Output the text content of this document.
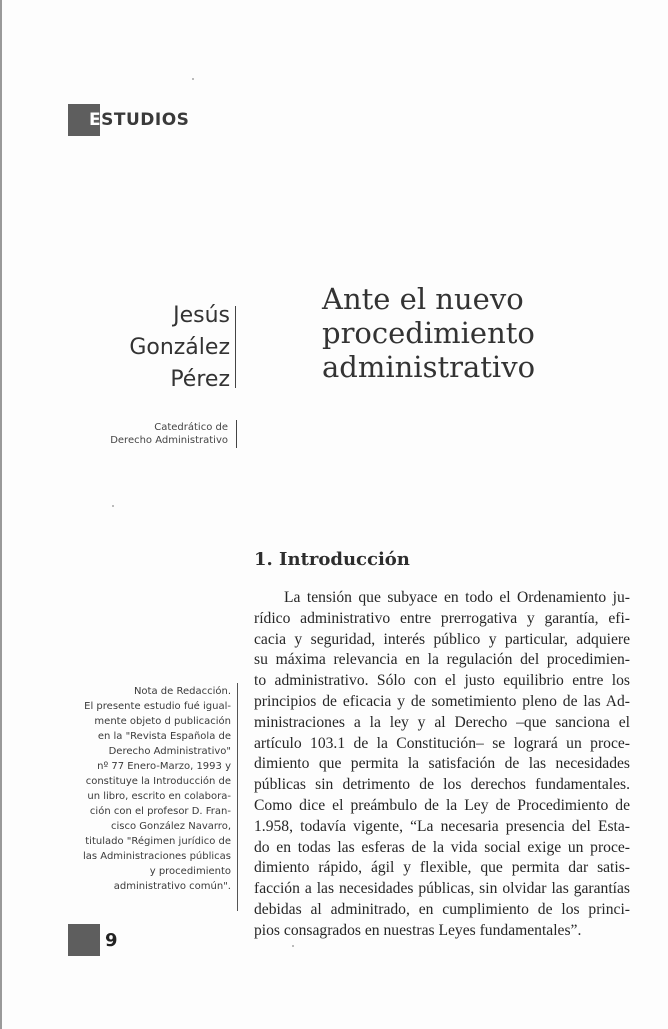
ESTUDIOS
Jesús
González
Pérez
Catedrático de
Derecho Administrativo
Ante el nuevo
procedimiento
administrativo
1. Introducción
La tensión que subyace en todo el Ordenamiento ju-
rídico administrativo entre prerrogativa y garantía, efi-
cacia y seguridad, interés público y particular, adquiere
su máxima relevancia en la regulación del procedimien-
to administrativo. Sólo con el justo equilibrio entre los
principios de eficacia y de sometimiento pleno de las Ad-
ministraciones a la ley y al Derecho –que sanciona el
artículo 103.1 de la Constitución– se logrará un proce-
dimiento que permita la satisfación de las necesidades
públicas sin detrimento de los derechos fundamentales.
Como dice el preámbulo de la Ley de Procedimiento de
1.958, todavía vigente, “La necesaria presencia del Esta-
do en todas las esferas de la vida social exige un proce-
dimiento rápido, ágil y flexible, que permita dar satis-
facción a las necesidades públicas, sin olvidar las garantías
debidas al adminitrado, en cumplimiento de los princi-
pios consagrados en nuestras Leyes fundamentales”.
Nota de Redacción.
El presente estudio fué igual-
mente objeto d publicación
en la "Revista Española de
Derecho Administrativo"
nº 77 Enero-Marzo, 1993 y
constituye la Introducción de
un libro, escrito en colabora-
ción con el profesor D. Fran-
cisco González Navarro,
titulado "Régimen jurídico de
las Administraciones públicas
y procedimiento
administrativo común".
9
